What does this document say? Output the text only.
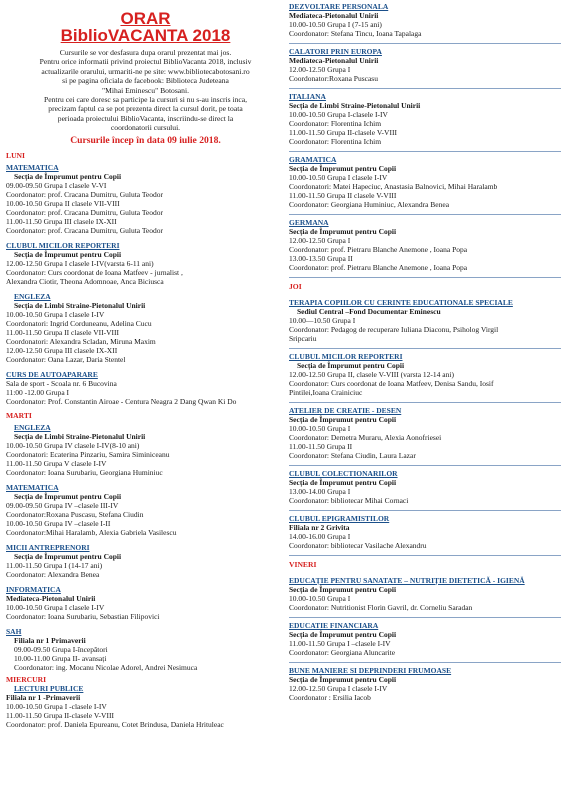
ORAR
BiblioVACANTA 2018
Cursurile se vor desfasura dupa orarul prezentat mai jos.
Pentru orice informatii privind proiectul BiblioVacanta 2018, inclusiv
actualizarile orarului, urmariti-ne pe site: www.bibliotecabotosani.ro
si pe pagina oficiala de facebook: Biblioteca Judeteana
"Mihai Eminescu" Botosani.
Pentru cei care doresc sa participe la cursuri si nu s-au inscris inca,
precizam faptul ca se pot prezenta direct la cursul dorit, pe toata
perioada proiectului BiblioVacanta, inscriindu-se direct la
coordonatorii cursului.
Cursurile încep în data 09 iulie 2018.
LUNI
MATEMATICA
Secția de Împrumut pentru Copii
09.00-09.50 Grupa I clasele V-VI
Coordonator: prof. Cracana Dumitru, Guluta Teodor
10.00-10.50 Grupa II clasele VII-VIII
Coordonator: prof. Cracana Dumitru, Guluta Teodor
11.00-11.50 Grupa III clasele IX-XII
Coordonator: prof. Cracana Dumitru, Guluta Teodor
CLUBUL MICILOR REPORTERI
Secția de Împrumut pentru Copii
12.00-12.50 Grupa I clasele I-IV(varsta 6-11 ani)
Coordonator: Curs coordonat de Ioana Matfeev - jurnalist ,
Alexandra Ciotir, Theona Adomnoae, Anca Biciusca
ENGLEZA
Secția de Limbi Straine-Pietonalul Unirii
10.00-10.50 Grupa I clasele I-IV
Coordonatori: Ingrid Corduneanu, Adelina Cucu
11.00-11.50 Grupa II clasele VII-VIII
Coordonatori: Alexandra Scladan, Miruna Maxim
12.00-12.50 Grupa III clasele IX-XII
Coordonator: Oana Lazar, Daria Stentel
CURS DE AUTOAPARARE
Sala de sport - Scoala nr. 6 Bucovina
11:00 -12.00 Grupa I
Coordonator: Prof. Constantin Airoae - Centura Neagra 2 Dang Qwan Ki Do
MARTI
ENGLEZA
Secția de Limbi Straine-Pietonalul Unirii
10.00-10.50 Grupa IV clasele I-IV(8-10 ani)
Coordonatori: Ecaterina Pinzariu, Samira Siminiceanu
11.00-11.50 Grupa V clasele I-IV
Coordonator: Ioana Surubariu, Georgiana Huminiuc
MATEMATICA
Secția de Împrumut pentru Copii
09.00-09.50 Grupa IV –clasele III-IV
Coordonator:Roxana Puscasu, Stefana Ciudin
10.00-10.50 Grupa IV –clasele I-II
Coordonator:Mihai Haralamb, Alexia Gabriela Vasilescu
MICII ANTREPRENORI
Secția de Împrumut pentru Copii
11.00-11.50 Grupa I (14-17 ani)
Coordonator: Alexandra Benea
INFORMATICA
Mediateca-Pietonalul Unirii
10.00-10.50 Grupa I clasele I-IV
Coordonator: Ioana Surubariu, Sebastian Filipovici
SAH
Filiala nr 1 Primaverii
09.00-09.50 Grupa I-începători
10.00-11.00 Grupa II- avansați
Coordonator: ing. Mocanu Nicolae Adorel, Andrei Nesimuca
MIERCURI
LECTURI PUBLICE
Filiala nr 1 -Primaverii
10.00-10.50 Grupa I -clasele I-IV
11.00-11.50 Grupa II-clasele V-VIII
Coordonator: prof. Daniela Epureanu, Cotet Brindusa, Daniela Hrituleac
DEZVOLTARE PERSONALA
Mediateca-Pietonalul Unirii
10.00-10.50 Grupa I (7-15 ani)
Coordonator: Stefana Tincu, Ioana Tapalaga
CALATORI PRIN EUROPA
Mediateca-Pietonalul Unirii
12.00-12.50 Grupa I
Coordonator:Roxana Puscasu
ITALIANA
Secția de Limbi Straine-Pietonalul Unirii
10.00-10.50 Grupa I-clasele I-IV
Coordonator: Florentina Ichim
11.00-11.50 Grupa II-clasele V-VIII
Coordonator: Florentina Ichim
GRAMATICA
Secția de Împrumut pentru Copii
10.00-10.50 Grupa I clasele I-IV
Coordonatori: Matei Hapeciuc, Anastasia Balnovici, Mihai Haralamb
11.00-11.50 Grupa II clasele V-VIII
Coordonator: Georgiana Huminiuc, Alexandra Benea
GERMANA
Secția de Împrumut pentru Copii
12.00-12.50 Grupa I
Coordonator: prof. Pietraru Blanche Anemone , Ioana Popa
13.00-13.50 Grupa II
Coordonator: prof. Pietraru Blanche Anemone , Ioana Popa
JOI
TERAPIA COPIILOR CU CERINTE EDUCATIONALE SPECIALE
Sediul Central –Fond Documentar Eminescu
10.00—10.50 Grupa I
Coordonator: Pedagog de recuperare Iuliana Diaconu, Psiholog Virgil
Sripcariu
CLUBUL MICILOR REPORTERI
Secția de Împrumut pentru Copii
12.00-12.50 Grupa II, clasele V-VIII (varsta 12-14 ani)
Coordonator: Curs coordonat de Ioana Matfeev, Denisa Sandu, Iosif
Pintilei,Ioana Crainiciuc
ATELIER DE CREATIE - DESEN
Secția de Împrumut pentru Copii
10.00-10.50 Grupa I
Coordonator: Demetra Muraru, Alexia Aonofriesei
11.00-11.50 Grupa II
Coordonator: Stefana Ciudin, Laura Lazar
CLUBUL COLECTIONARILOR
Secția de Împrumut pentru Copii
13.00-14.00 Grupa I
Coordonator: bibliotecar Mihai Cornaci
CLUBUL EPIGRAMISTILOR
Filiala nr 2 Grivita
14.00-16.00 Grupa I
Coordonator: bibliotecar Vasilache Alexandru
VINERI
EDUCAȚIE PENTRU SANATATE – NUTRIȚIE DIETETICĂ - IGIENĂ
Secția de Împrumut pentru Copii
10.00-10.50 Grupa I
Coordonator: Nutritionist Florin Gavril, dr. Corneliu Saradan
EDUCATIE FINANCIARA
Secția de Împrumut pentru Copii
11.00-11.50 Grupa I –clasele I-IV
Coordonator: Georgiana Aluncarite
BUNE MANIERE SI DEPRINDERI FRUMOASE
Secția de Împrumut pentru Copii
12.00-12.50 Grupa I clasele I-IV
Coordonator : Ersilia Iacob
